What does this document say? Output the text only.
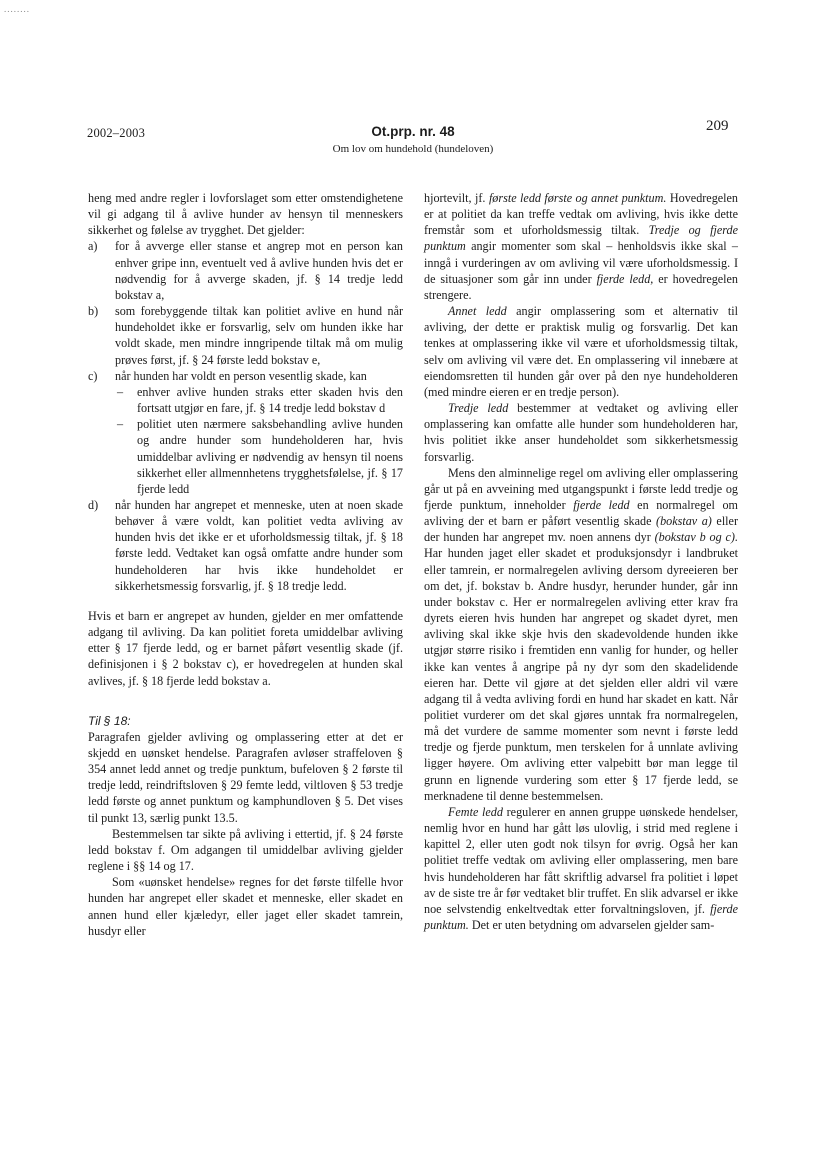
........
2002–2003	Ot.prp. nr. 48
Om lov om hundehold (hundeloven)
209

heng med andre regler i lovforslaget som etter omstendighetene vil gi adgang til å avlive hunder av hensyn til menneskers sikkerhet og følelse av trygghet. Det gjelder:

a) for å avverge eller stanse et angrep mot en person kan enhver gripe inn, eventuelt ved å avlive hunden hvis det er nødvendig for å avverge skaden, jf. § 14 tredje ledd bokstav a,
b) som forebyggende tiltak kan politiet avlive en hund når hundeholdet ikke er forsvarlig, selv om hunden ikke har voldt skade, men mindre inngripende tiltak må om mulig prøves først, jf. § 24 første ledd bokstav e,
c) når hunden har voldt en person vesentlig skade, kan
– enhver avlive hunden straks etter skaden hvis den fortsatt utgjør en fare, jf. § 14 tredje ledd bokstav d
– politiet uten nærmere saksbehandling avlive hunden og andre hunder som hundeholderen har, hvis umiddelbar avliving er nødvendig av hensyn til noens sikkerhet eller allmennhetens trygghetsfølelse, jf. § 17 fjerde ledd
d) når hunden har angrepet et menneske, uten at noen skade behøver å være voldt, kan politiet vedta avliving av hunden hvis det ikke er et uforholdsmessig tiltak, jf. § 18 første ledd. Vedtaket kan også omfatte andre hunder som hundeholderen har hvis ikke hundeholdet er sikkerhetsmessig forsvarlig, jf. § 18 tredje ledd.

Hvis et barn er angrepet av hunden, gjelder en mer omfattende adgang til avliving. Da kan politiet foreta umiddelbar avliving etter § 17 fjerde ledd, og er barnet påført vesentlig skade (jf. definisjonen i § 2 bokstav c), er hovedregelen at hunden skal avlives, jf. § 18 fjerde ledd bokstav a.

Til § 18:

Paragrafen gjelder avliving og omplassering etter at det er skjedd en uønsket hendelse. Paragrafen avløser straffeloven § 354 annet ledd annet og tredje punktum, bufeloven § 2 første til tredje ledd, reindriftsloven § 29 femte ledd, viltloven § 53 tredje ledd første og annet punktum og kamphundloven § 5. Det vises til punkt 13, særlig punkt 13.5.

Bestemmelsen tar sikte på avliving i ettertid, jf. § 24 første ledd bokstav f. Om adgangen til umiddelbar avliving gjelder reglene i §§ 14 og 17.

Som «uønsket hendelse» regnes for det første tilfelle hvor hunden har angrepet eller skadet et menneske, eller skadet en annen hund eller kjæledyr, eller jaget eller skadet tamrein, husdyr eller

hjortevilt, jf. første ledd første og annet punktum. Hovedregelen er at politiet da kan treffe vedtak om avliving, hvis ikke dette fremstår som et uforholdsmessig tiltak. Tredje og fjerde punktum angir momenter som skal – henholdsvis ikke skal – inngå i vurderingen av om avliving vil være uforholdsmessig. I de situasjoner som går inn under fjerde ledd, er hovedregelen strengere.

Annet ledd angir omplassering som et alternativ til avliving, der dette er praktisk mulig og forsvarlig. Det kan tenkes at omplassering ikke vil være et uforholdsmessig tiltak, selv om avliving vil være det. En omplassering vil innebære at eiendomsretten til hunden går over på den nye hundeholderen (med mindre eieren er en tredje person).

Tredje ledd bestemmer at vedtaket og avliving eller omplassering kan omfatte alle hunder som hundeholderen har, hvis politiet ikke anser hundeholdet som sikkerhetsmessig forsvarlig.

Mens den alminnelige regel om avliving eller omplassering går ut på en avveining med utgangspunkt i første ledd tredje og fjerde punktum, inneholder fjerde ledd en normalregel om avliving der et barn er påført vesentlig skade (bokstav a) eller der hunden har angrepet mv. noen annens dyr (bokstav b og c). Har hunden jaget eller skadet et produksjonsdyr i landbruket eller tamrein, er normalregelen avliving dersom dyreeieren ber om det, jf. bokstav b. Andre husdyr, herunder hunder, går inn under bokstav c. Her er normalregelen avliving etter krav fra dyrets eieren hvis hunden har angrepet og skadet dyret, men avliving skal ikke skje hvis den skadevoldende hunden ikke utgjør større risiko i fremtiden enn vanlig for hunder, og heller ikke kan ventes å angripe på ny dyr som den skadelidende eieren har. Dette vil gjøre at det sjelden eller aldri vil være adgang til å vedta avliving fordi en hund har skadet en katt. Når politiet vurderer om det skal gjøres unntak fra normalregelen, må det vurdere de samme momenter som nevnt i første ledd tredje og fjerde punktum, men terskelen for å unnlate avliving ligger høyere. Om avliving etter valpebitt bør man legge til grunn en lignende vurdering som etter § 17 fjerde ledd, se merknadene til denne bestemmelsen.

Femte ledd regulerer en annen gruppe uønskede hendelser, nemlig hvor en hund har gått løs ulovlig, i strid med reglene i kapittel 2, eller uten godt nok tilsyn for øvrig. Også her kan politiet treffe vedtak om avliving eller omplassering, men bare hvis hundeholderen har fått skriftlig advarsel fra politiet i løpet av de siste tre år før vedtaket blir truffet. En slik advarsel er ikke noe selvstendig enkeltvedtak etter forvaltningsloven, jf. fjerde punktum. Det er uten betydning om advarselen gjelder sam-
